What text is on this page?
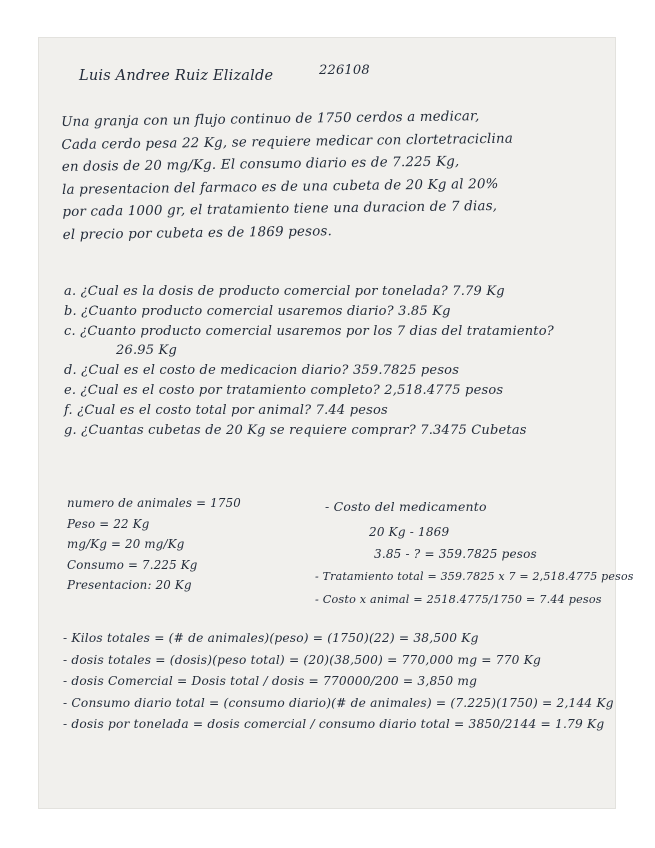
Luis Andree Ruiz Elizalde	226108
Una granja con un flujo continuo de 1750 cerdos a medicar,
Cada cerdo pesa 22 Kg, se requiere medicar con clortetraciclina
en dosis de 20 mg/Kg. El consumo diario es de 7.225 Kg,
la presentacion del farmaco es de una cubeta de 20 Kg al 20%
por cada 1000 gr, el tratamiento tiene una duracion de 7 dias,
el precio por cubeta es de 1869 pesos.
a. ¿Cual es la dosis de producto comercial por tonelada? 7.79 Kg
b. ¿Cuanto producto comercial usaremos diario? 3.85 Kg
c. ¿Cuanto producto comercial usaremos por los 7 dias del tratamiento?
26.95 Kg
d. ¿Cual es el costo de medicacion diario? 359.7825 pesos
e. ¿Cual es el costo por tratamiento completo? 2,518.4775 pesos
f. ¿Cual es el costo total por animal? 7.44 pesos
g. ¿Cuantas cubetas de 20 Kg se requiere comprar? 7.3475 Cubetas
numero de animales = 1750
Peso = 22 Kg
mg/Kg = 20 mg/Kg
Consumo = 7.225 Kg
Presentacion: 20 Kg
- Costo del medicamento
20 Kg - 1869
3.85 - ? = 359.7825 pesos
- Tratamiento total = 359.7825 x 7 = 2,518.4775 pesos
- Costo x animal = 2518.4775/1750 = 7.44 pesos
- Kilos totales = (# de animales)(peso) = (1750)(22) = 38,500 Kg
- dosis totales = (dosis)(peso total) = (20)(38,500) = 770,000 mg = 770 Kg
- dosis Comercial = Dosis total / dosis = 770000/200 = 3,850 mg
- Consumo diario total = (consumo diario)(# de animales) = (7.225)(1750) = 2,144 Kg
- dosis por tonelada = dosis comercial / consumo diario total = 3850/2144 = 1.79 Kg
